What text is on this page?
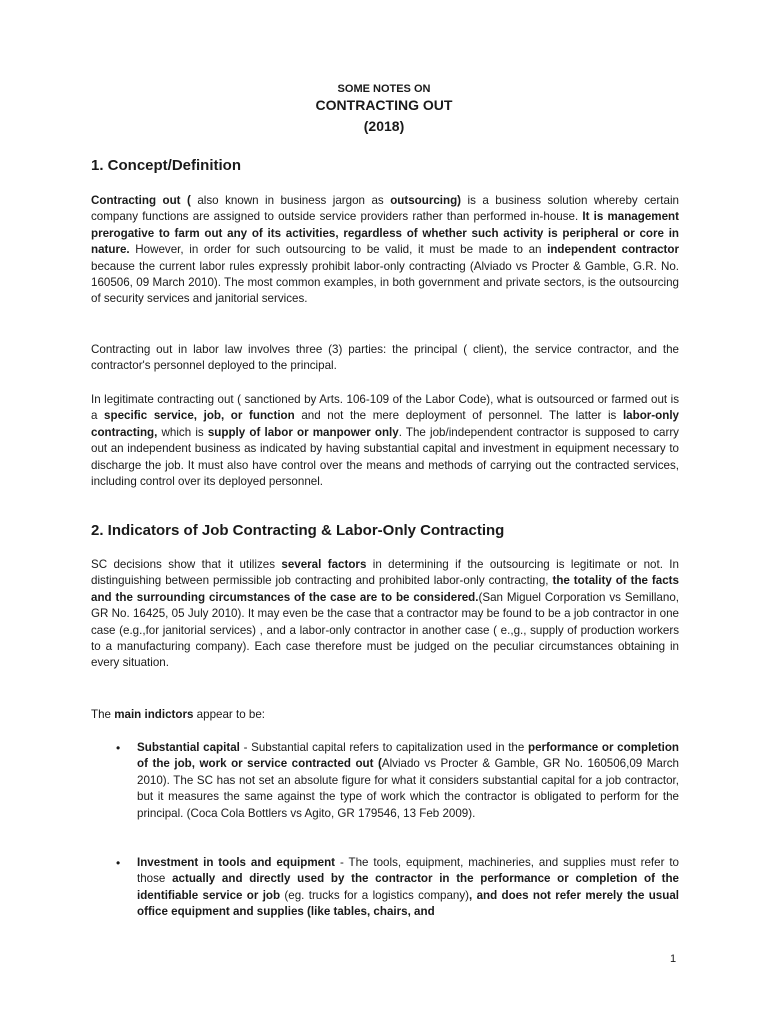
SOME NOTES ON
CONTRACTING OUT
(2018)
1. Concept/Definition

Contracting out ( also known in business jargon as outsourcing) is a business solution whereby certain company functions are assigned to outside service providers rather than performed in-house. It is management prerogative to farm out any of its activities, regardless of whether such activity is peripheral or core in nature. However, in order for such outsourcing to be valid, it must be made to an independent contractor because the current labor rules expressly prohibit labor-only contracting (Alviado vs Procter & Gamble, G.R. No. 160506, 09 March 2010). The most common examples, in both government and private sectors, is the outsourcing of security services and janitorial services.

Contracting out in labor law involves three (3) parties: the principal ( client), the service contractor, and the contractor's personnel deployed to the principal.

In legitimate contracting out ( sanctioned by Arts. 106-109 of the Labor Code), what is outsourced or farmed out is a specific service, job, or function and not the mere deployment of personnel. The latter is labor-only contracting, which is supply of labor or manpower only. The job/independent contractor is supposed to carry out an independent business as indicated by having substantial capital and investment in equipment necessary to discharge the job. It must also have control over the means and methods of carrying out the contracted services, including control over its deployed personnel.

2. Indicators of Job Contracting & Labor-Only Contracting

SC decisions show that it utilizes several factors in determining if the outsourcing is legitimate or not. In distinguishing between permissible job contracting and prohibited labor-only contracting, the totality of the facts and the surrounding circumstances of the case are to be considered.(San Miguel Corporation vs Semillano, GR No. 16425, 05 July 2010). It may even be the case that a contractor may be found to be a job contractor in one case (e.g.,for janitorial services) , and a labor-only contractor in another case ( e.,g., supply of production workers to a manufacturing company). Each case therefore must be judged on the peculiar circumstances obtaining in every situation.

The main indictors appear to be:

• Substantial capital - Substantial capital refers to capitalization used in the performance or completion of the job, work or service contracted out (Alviado vs Procter & Gamble, GR No. 160506,09 March 2010). The SC has not set an absolute figure for what it considers substantial capital for a job contractor, but it measures the same against the type of work which the contractor is obligated to perform for the principal. (Coca Cola Bottlers vs Agito, GR 179546, 13 Feb 2009).

• Investment in tools and equipment - The tools, equipment, machineries, and supplies must refer to those actually and directly used by the contractor in the performance or completion of the identifiable service or job (eg. trucks for a logistics company), and does not refer merely the usual office equipment and supplies (like tables, chairs, and

1
